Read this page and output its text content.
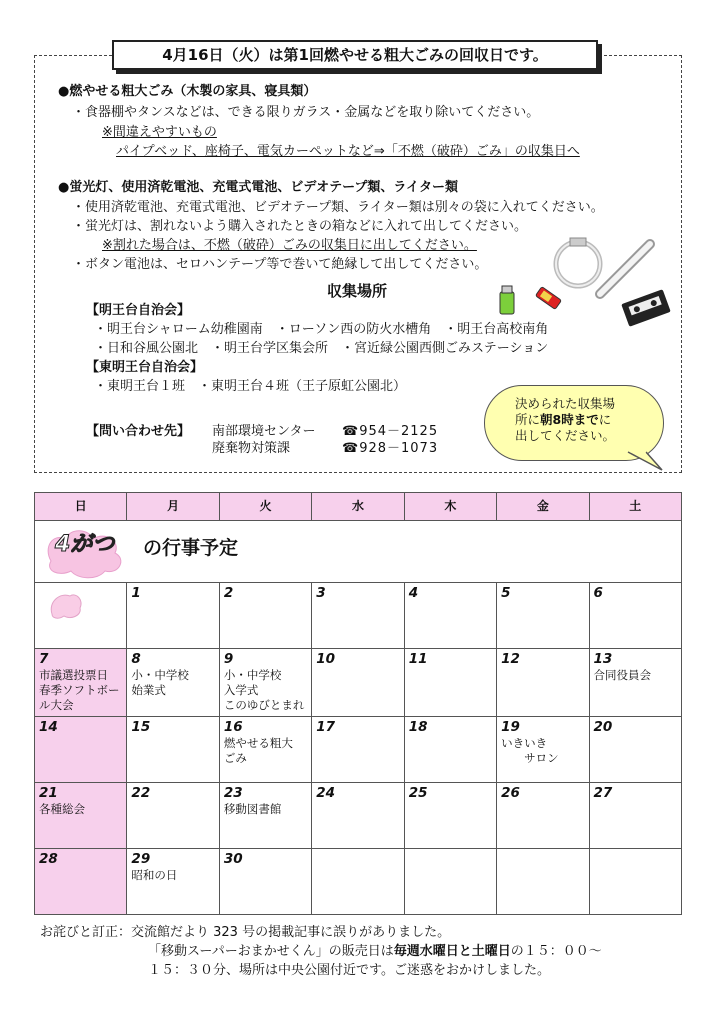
4月16日（火）は第1回燃やせる粗大ごみの回収日です。
●燃やせる粗大ごみ（木製の家具、寝具類）
・食器棚やタンスなどは、できる限りガラス・金属などを取り除いてください。
※間違えやすいもの
パイプベッド、座椅子、電気カーペットなど⇒「不燃（破砕）ごみ」の収集日へ
●蛍光灯、使用済乾電池、充電式電池、ビデオテープ類、ライター類
・使用済乾電池、充電式電池、ビデオテープ類、ライター類は別々の袋に入れてください。
・蛍光灯は、割れないよう購入されたときの箱などに入れて出してください。
※割れた場合は、不燃（破砕）ごみの収集日に出してください。
・ボタン電池は、セロハンテープ等で巻いて絶縁して出してください。
収集場所
【明王台自治会】
・明王台シャローム幼稚園南　・ローソン西の防火水槽角　・明王台高校南角
・日和谷風公園北　・明王台学区集会所　・宮近緑公園西側ごみステーション
【東明王台自治会】
・東明王台１班　・東明王台４班（王子原虹公園北）
【問い合わせ先】 南部環境センター ☎954－2125
廃棄物対策課	☎928－1073
決められた収集場
所に朝8時までに
出してください。
日	月	火	水	木	金	土

4がつ の行事予定						

	1	2	3	4	5	6

7
市議選投票日
春季ソフトボール大会	8
小・中学校
始業式	9
小・中学校
入学式
このゆびとまれ	10	11	12	13
合同役員会

14	15	16
燃やせる粗大
ごみ	17	18	19
いきいき
　　サロン	20

21
各種総会	22	23
移動図書館	24	25	26	27

28	29
昭和の日	30				

お詫びと訂正：交流館だより 323 号の掲載記事に誤りがありました。
「移動スーパーおまかせくん」の販売日は毎週水曜日と土曜日の１５：００～
１５：３０分、場所は中央公園付近です。ご迷惑をおかけしました。
